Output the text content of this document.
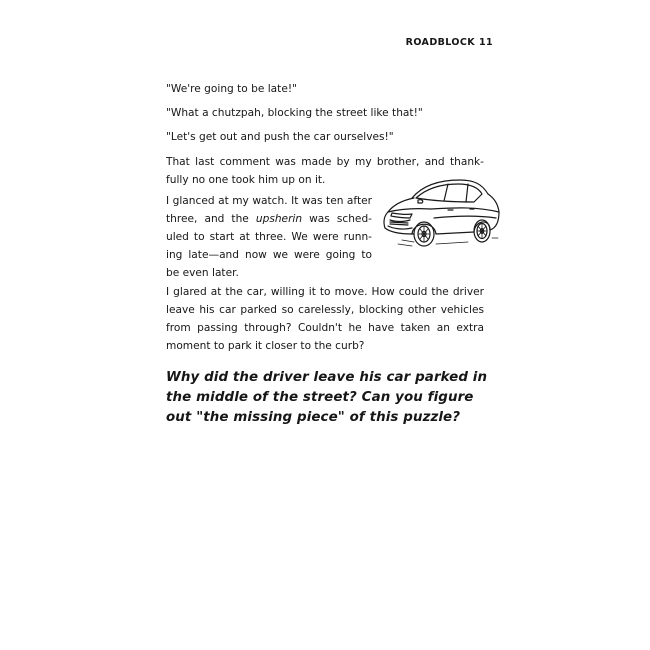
ROADBLOCK 11

"We're going to be late!"

"What a chutzpah, blocking the street like that!"

"Let's get out and push the car ourselves!"

That last comment was made by my brother, and thank-
fully no one took him up on it.
I glanced at my watch. It was ten after
three, and the upsherin was sched-
uled to start at three. We were runn-
ing late—and now we were going to
be even later.
I glared at the car, willing it to move. How could the driver
leave his car parked so carelessly, blocking other vehicles
from passing through? Couldn't he have taken an extra
moment to park it closer to the curb?
Why did the driver leave his car parked in
the middle of the street? Can you figure
out "the missing piece" of this puzzle?
